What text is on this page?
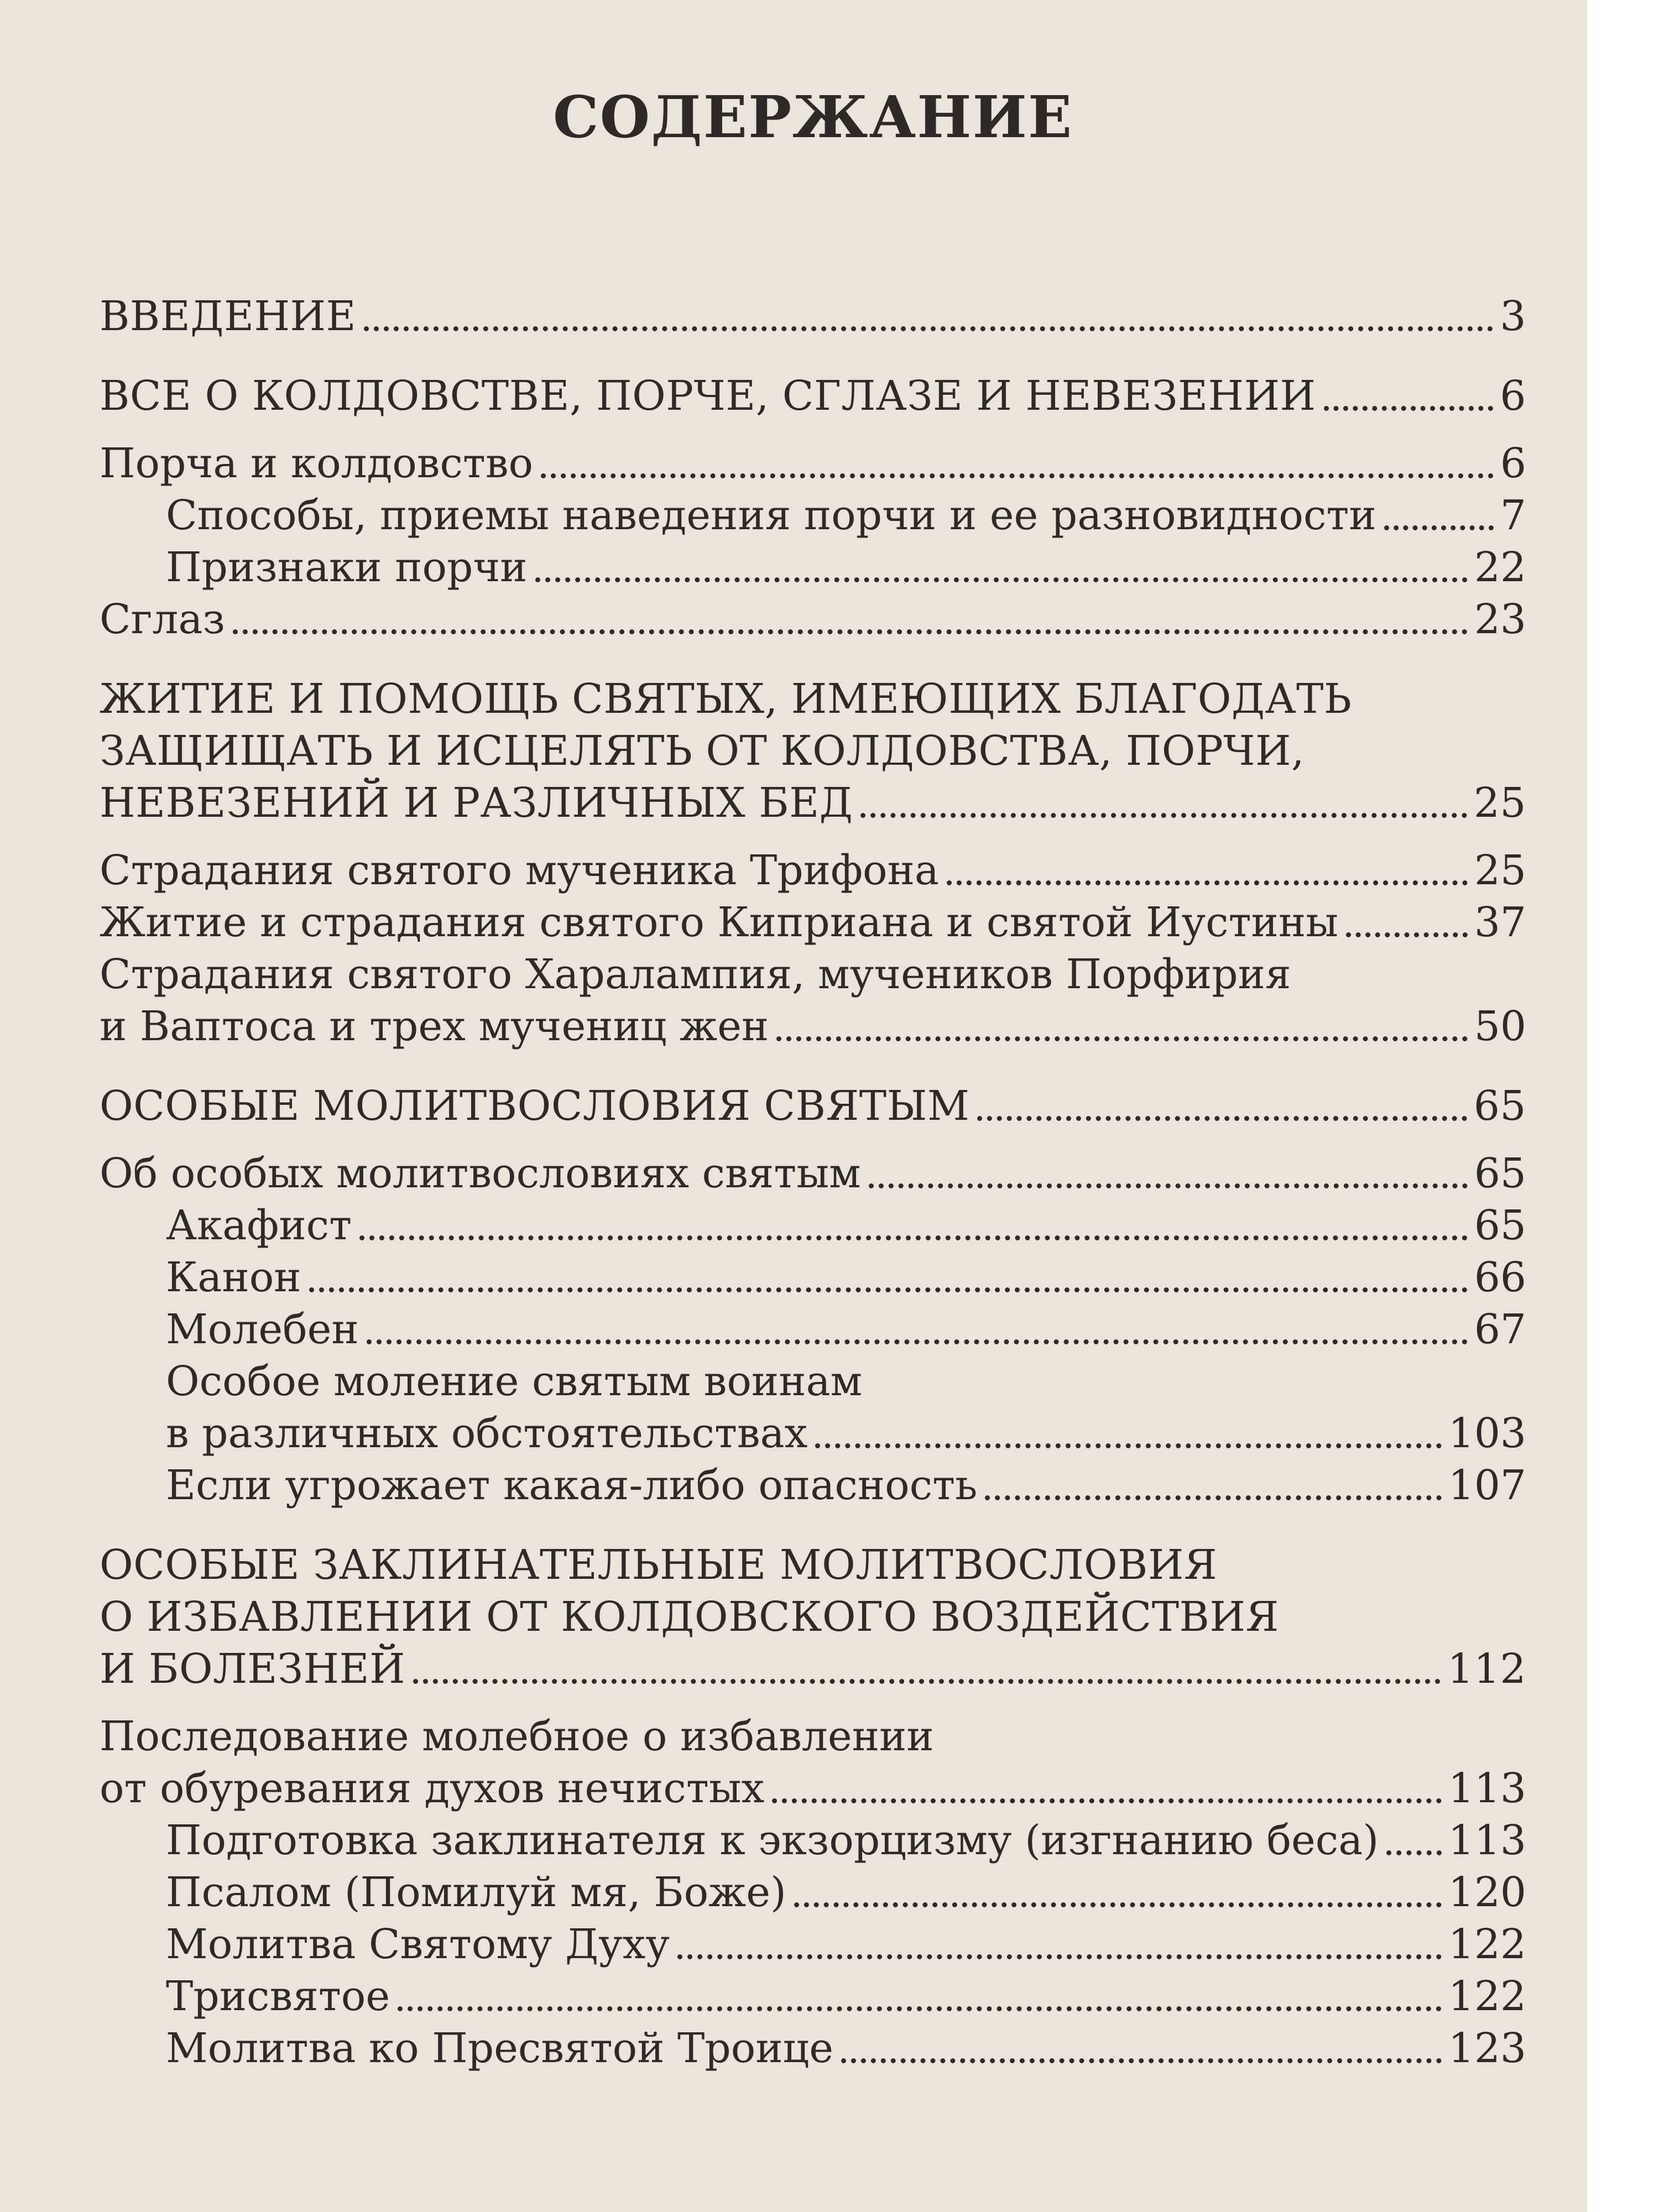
СОДЕРЖАНИЕ
ВВЕДЕНИЕ	3
ВСЕ О КОЛДОВСТВЕ, ПОРЧЕ, СГЛАЗЕ И НЕВЕЗЕНИИ	6
Порча и колдовство	6
Способы, приемы наведения порчи и ее разновидности	7
Признаки порчи	22
Сглаз	23
ЖИТИЕ И ПОМОЩЬ СВЯТЫХ, ИМЕЮЩИХ БЛАГОДАТЬ
ЗАЩИЩАТЬ И ИСЦЕЛЯТЬ ОТ КОЛДОВСТВА, ПОРЧИ,
НЕВЕЗЕНИЙ И РАЗЛИЧНЫХ БЕД	25
Страдания святого мученика Трифона	25
Житие и страдания святого Киприана и святой Иустины	37
Страдания святого Харалампия, мучеников Порфирия
и Ваптоса и трех мучениц жен	50
ОСОБЫЕ МОЛИТВОСЛОВИЯ СВЯТЫМ	65
Об особых молитвословиях святым	65
Акафист	65
Канон	66
Молебен	67
Особое моление святым воинам
в различных обстоятельствах	103
Если угрожает какая-либо опасность	107
ОСОБЫЕ ЗАКЛИНАТЕЛЬНЫЕ МОЛИТВОСЛОВИЯ
О ИЗБАВЛЕНИИ ОТ КОЛДОВСКОГО ВОЗДЕЙСТВИЯ
И БОЛЕЗНЕЙ	112
Последование молебное о избавлении
от обуревания духов нечистых	113
Подготовка заклинателя к экзорцизму (изгнанию беса) 113
Псалом (Помилуй мя, Боже)	120
Молитва Святому Духу	122
Трисвятое	122
Молитва ко Пресвятой Троице	123
